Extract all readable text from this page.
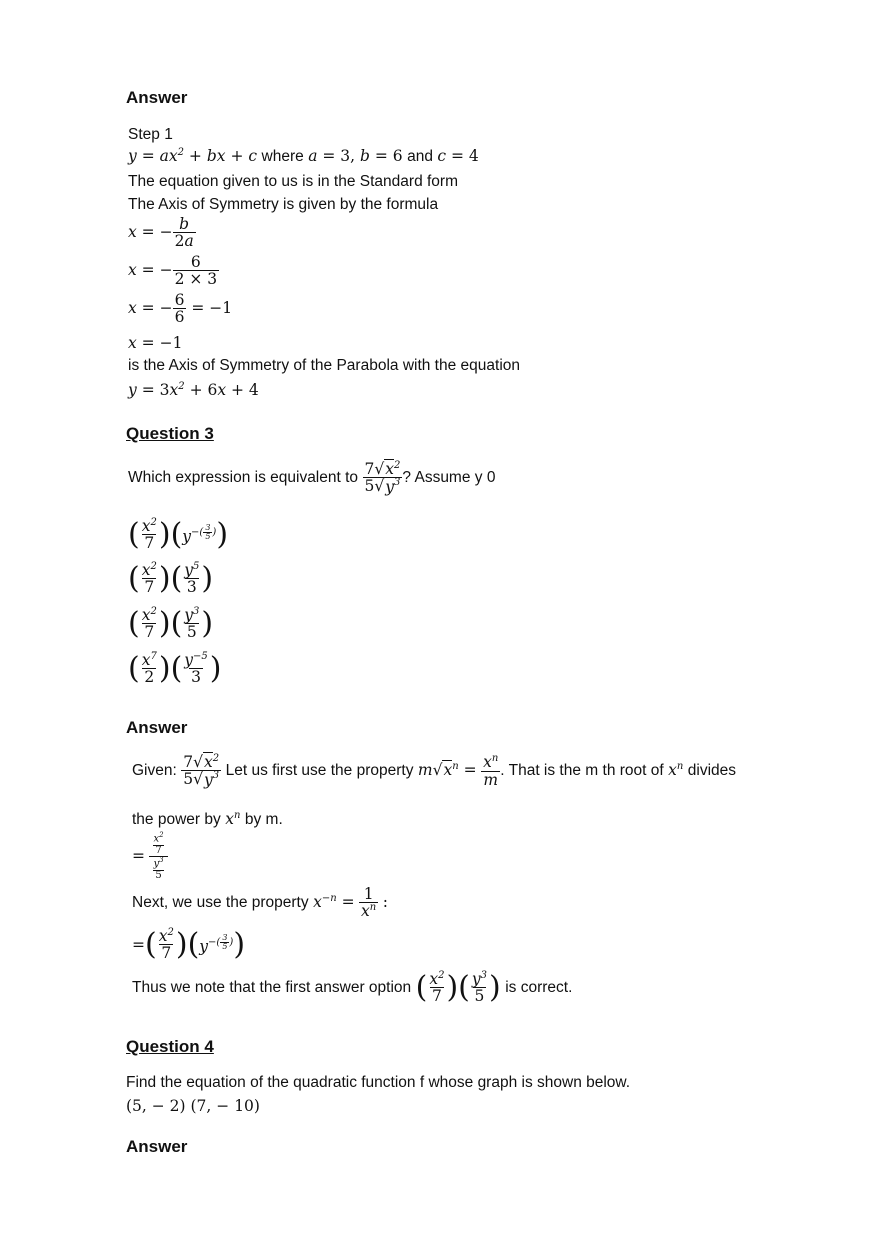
Answer
Step 1
$y = ax^2$ + bx + c where a = 3, b = 6 and c = 4
The equation given to us is in the Standard form
The Axis of Symmetry is given by the formula
x = − $\frac{b}{2a}$
x = − $\frac{6}{2 \times 3}$
x = − $\frac{6}{6} = -1$
x = −1
is the Axis of Symmetry of the Parabola with the equation
$y = 3x^2 + 6x + 4$
Question 3
Which expression is equivalent to $\frac{7√x^2}{5√y^3}$ ? Assume y 0
( $\frac{x^2}{7}$ ) ( $y^{-( \frac{3}{5} )}$ )
( $\frac{x^2}{7}$ ) ( $\frac{y^5}{3}$ )
( $\frac{x^2}{7}$ ) ( $\frac{y^3}{5}$ )
( $\frac{x^7}{2}$ ) ( $\frac{y^{-5}}{3}$ )
Answer
Given: $\frac{7√x^2}{5√y^3}$ Let us first use the property $m√x^n = \frac{x^n}{m}$ . That is the m th root of $x^n$ divides
the power by $x^n$ by m.
= $\frac{\frac{x^2}{7}}{\frac{y^3}{5}}$
Next, we use the property $x^{-n} = \frac{1}{x^n}$ :
= ( $\frac{x^2}{7}$ ) ( $y^{-( \frac{3}{5} )}$ )
Thus we note that the first answer option
( $\frac{x^2}{7}$ ) ( $\frac{y^3}{5}$ )
is correct.
Question 4
Find the equation of the quadratic function f whose graph is shown below.
(5, − 2) (7, − 10)
Answer
